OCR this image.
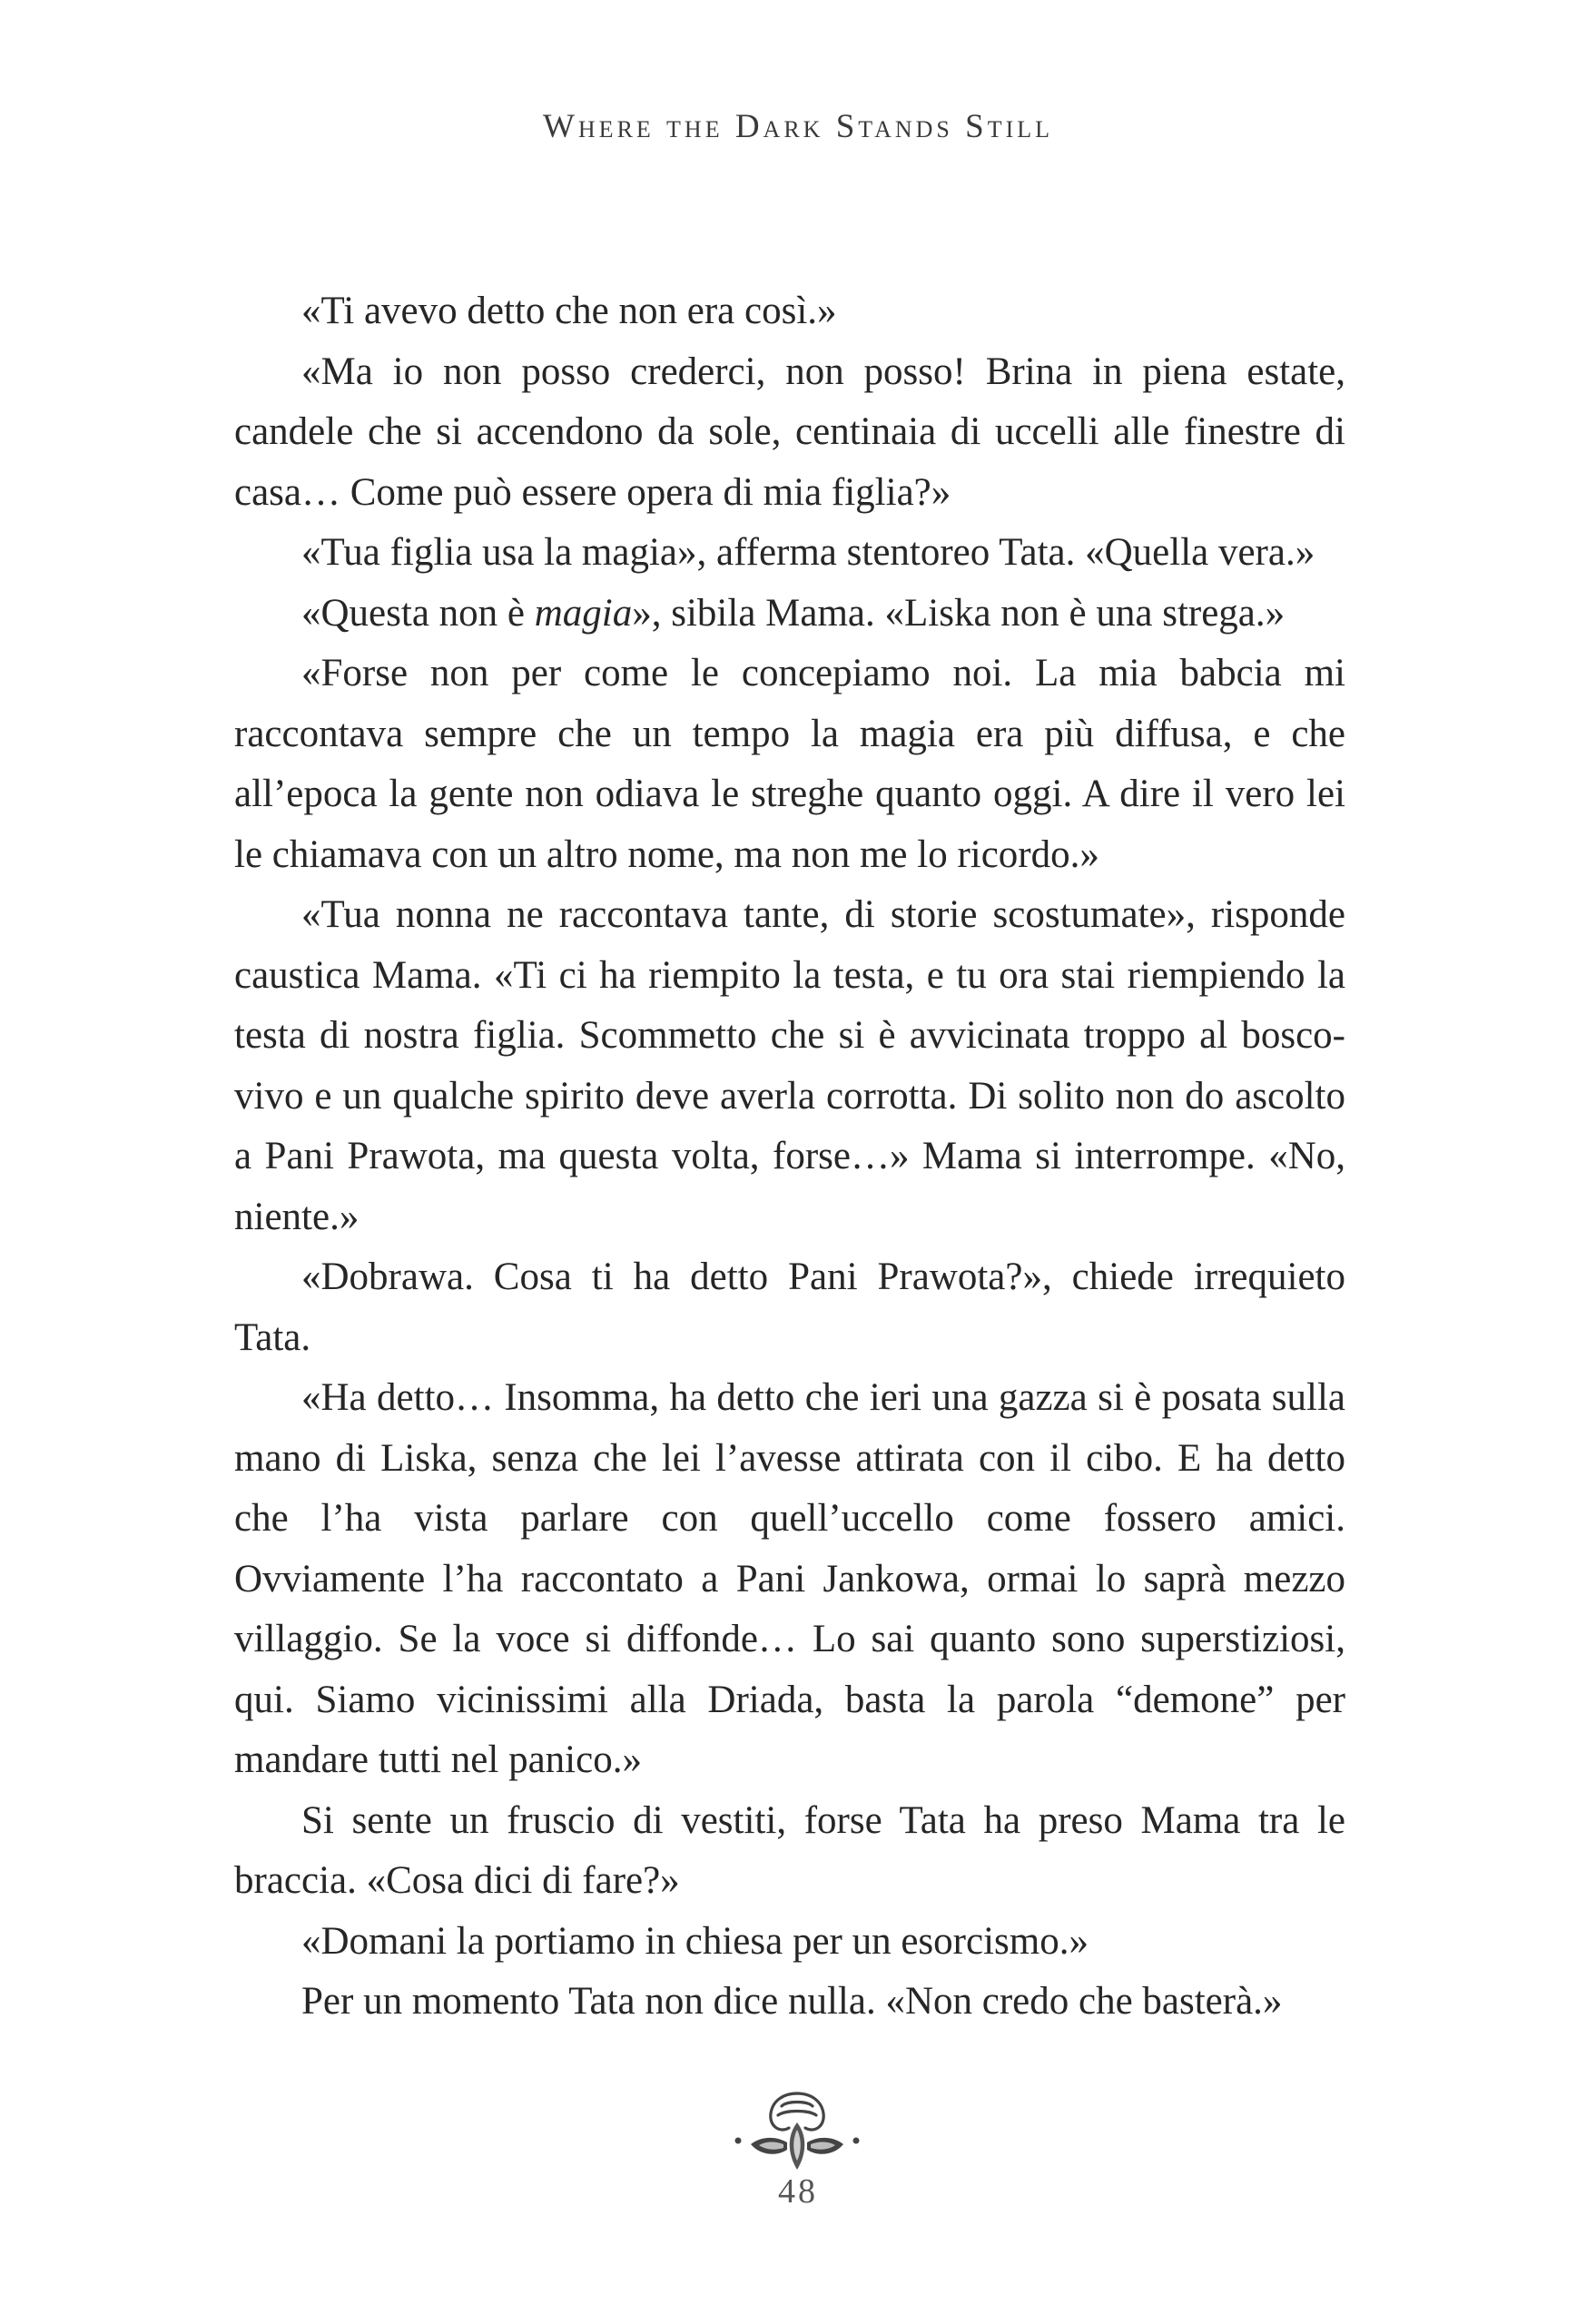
Where the Dark Stands Still

«Ti avevo detto che non era così.»

«Ma io non posso crederci, non posso! Brina in piena estate, candele che si accendono da sole, centinaia di uccelli alle finestre di casa… Come può essere opera di mia figlia?»

«Tua figlia usa la magia», afferma stentoreo Tata. «Quella vera.»

«Questa non è magia», sibila Mama. «Liska non è una strega.»

«Forse non per come le concepiamo noi. La mia babcia mi raccontava sempre che un tempo la magia era più diffusa, e che all’epoca la gente non odiava le streghe quanto oggi. A dire il vero lei le chiamava con un altro nome, ma non me lo ricordo.»

«Tua nonna ne raccontava tante, di storie scostumate», risponde caustica Mama. «Ti ci ha riempito la testa, e tu ora stai riempiendo la testa di nostra figlia. Scommetto che si è avvicinata troppo al bosco-vivo e un qualche spirito deve averla corrotta. Di solito non do ascolto a Pani Prawota, ma questa volta, forse…» Mama si interrompe. «No, niente.»

«Dobrawa. Cosa ti ha detto Pani Prawota?», chiede irrequieto Tata.

«Ha detto… Insomma, ha detto che ieri una gazza si è posata sulla mano di Liska, senza che lei l’avesse attirata con il cibo. E ha detto che l’ha vista parlare con quell’uccello come fossero amici. Ovviamente l’ha raccontato a Pani Jankowa, ormai lo saprà mezzo villaggio. Se la voce si diffonde… Lo sai quanto sono superstiziosi, qui. Siamo vicinissimi alla Driada, basta la parola “demone” per mandare tutti nel panico.»

Si sente un fruscio di vestiti, forse Tata ha preso Mama tra le braccia. «Cosa dici di fare?»

«Domani la portiamo in chiesa per un esorcismo.»

Per un momento Tata non dice nulla. «Non credo che basterà.»

48
